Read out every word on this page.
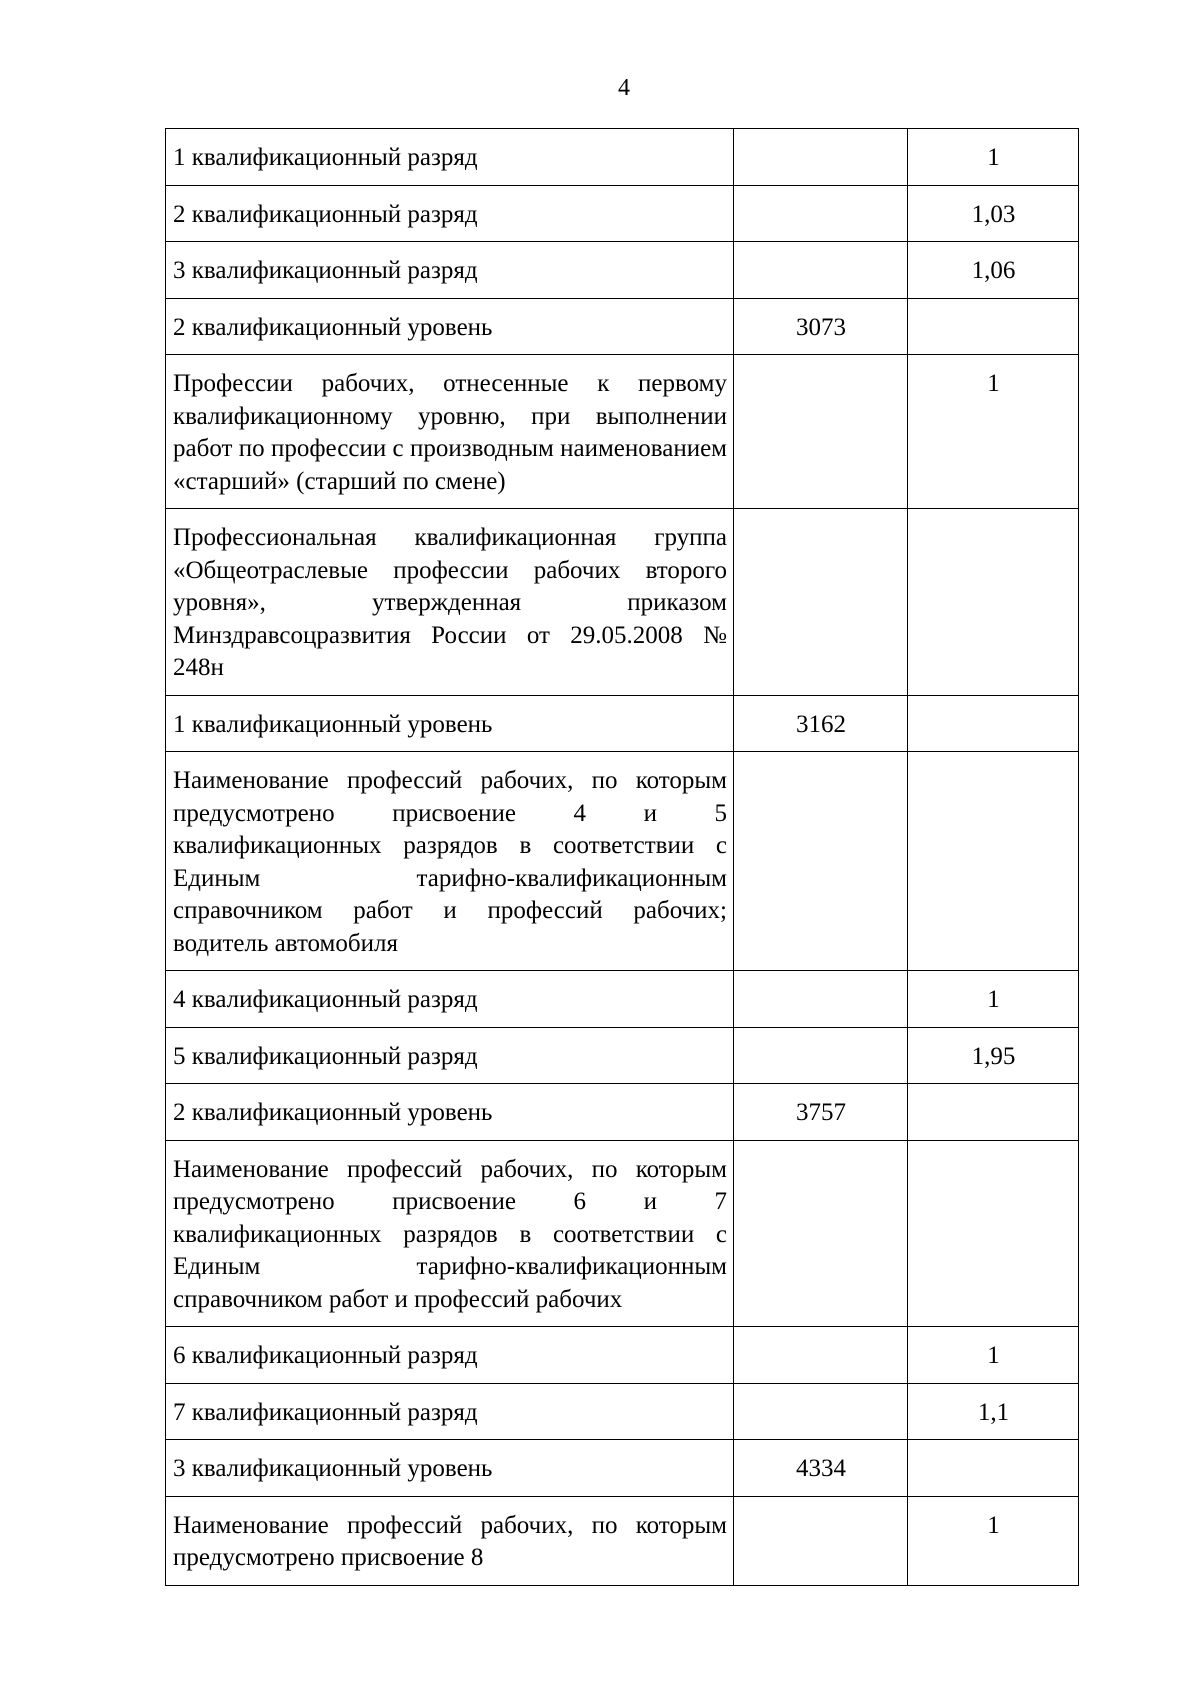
4
1 квалификационный разряд		1
2 квалификационный разряд		1,03
3 квалификационный разряд		1,06
2 квалификационный уровень	3073	
Профессии рабочих, отнесенные к первому квалификационному уровню, при выполнении работ по профессии с производным наименованием «старший» (старший по смене)		1
Профессиональная квалификационная группа «Общеотраслевые профессии рабочих второго уровня», утвержденная приказом Минздравсоцразвития России от 29.05.2008 № 248н		
1 квалификационный уровень	3162	
Наименование профессий рабочих, по которым предусмотрено присвоение 4 и 5 квалификационных разрядов в соответствии с Единым тарифно-квалификационным справочником работ и профессий рабочих; водитель автомобиля		
4 квалификационный разряд		1
5 квалификационный разряд		1,95
2 квалификационный уровень	3757	
Наименование профессий рабочих, по которым предусмотрено присвоение 6 и 7 квалификационных разрядов в соответствии с Единым тарифно-квалификационным справочником работ и профессий рабочих		
6 квалификационный разряд		1
7 квалификационный разряд		1,1
3 квалификационный уровень	4334	
Наименование профессий рабочих, по которым предусмотрено присвоение 8		1
